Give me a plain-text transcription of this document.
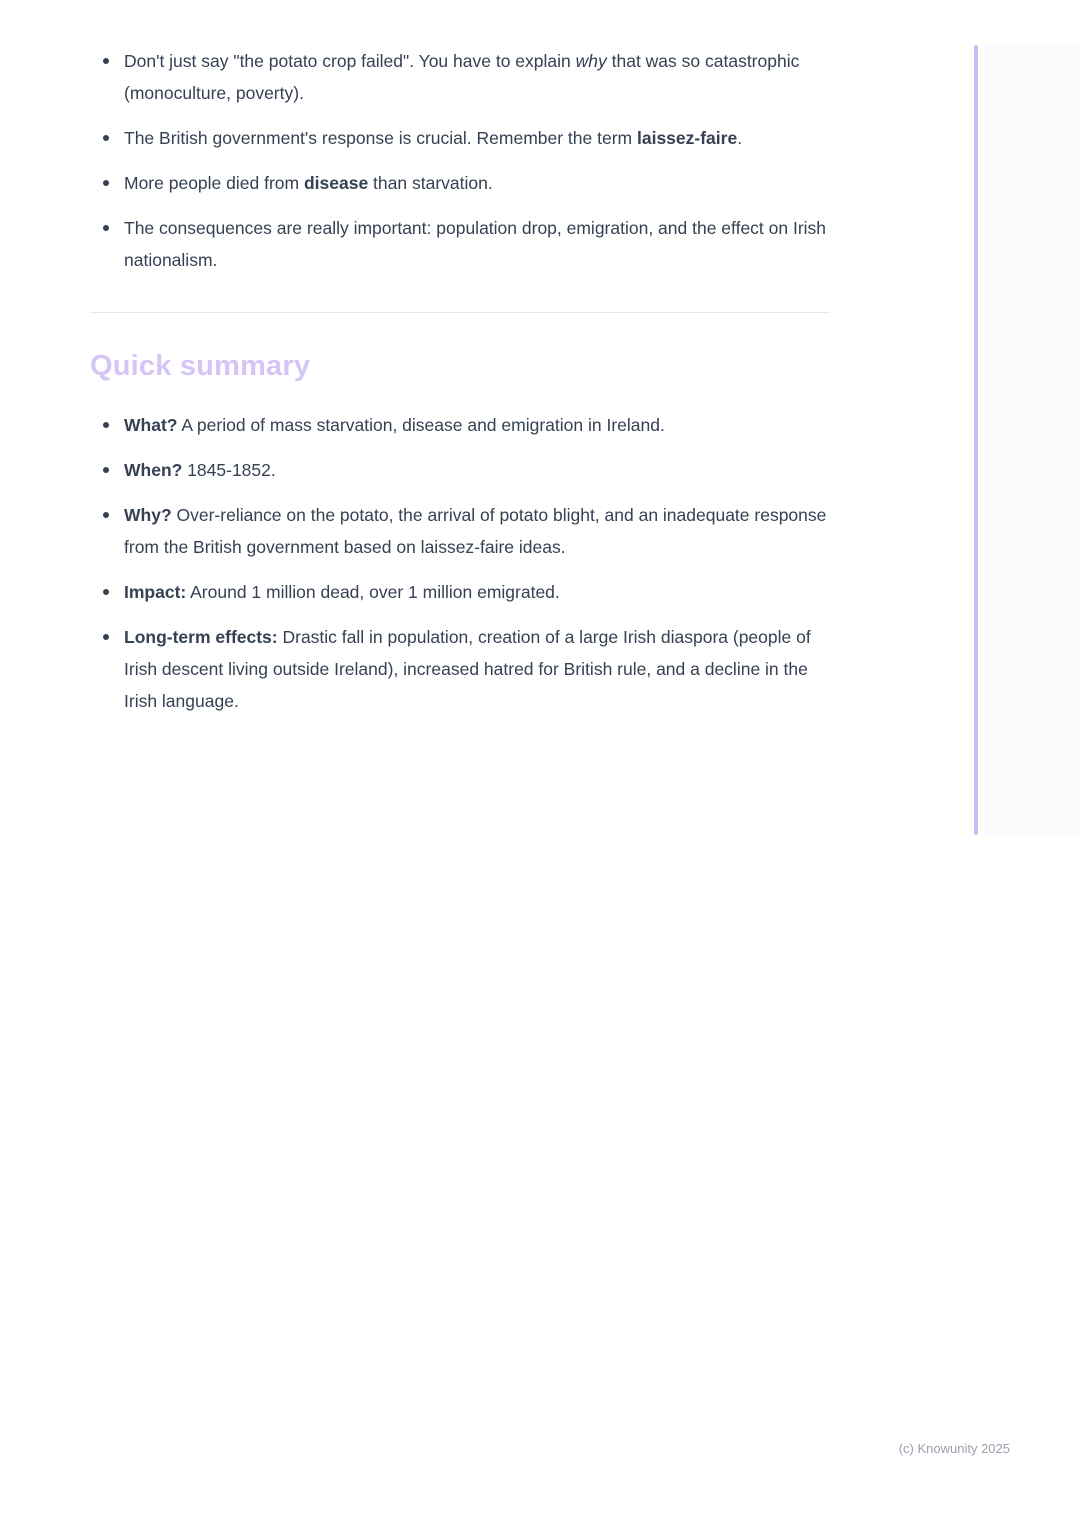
Don't just say "the potato crop failed". You have to explain why that was so catastrophic (monoculture, poverty).
The British government's response is crucial. Remember the term laissez-faire.
More people died from disease than starvation.
The consequences are really important: population drop, emigration, and the effect on Irish nationalism.
Quick summary
What? A period of mass starvation, disease and emigration in Ireland.
When? 1845-1852.
Why? Over-reliance on the potato, the arrival of potato blight, and an inadequate response from the British government based on laissez-faire ideas.
Impact: Around 1 million dead, over 1 million emigrated.
Long-term effects: Drastic fall in population, creation of a large Irish diaspora (people of Irish descent living outside Ireland), increased hatred for British rule, and a decline in the Irish language.
(c) Knowunity 2025
